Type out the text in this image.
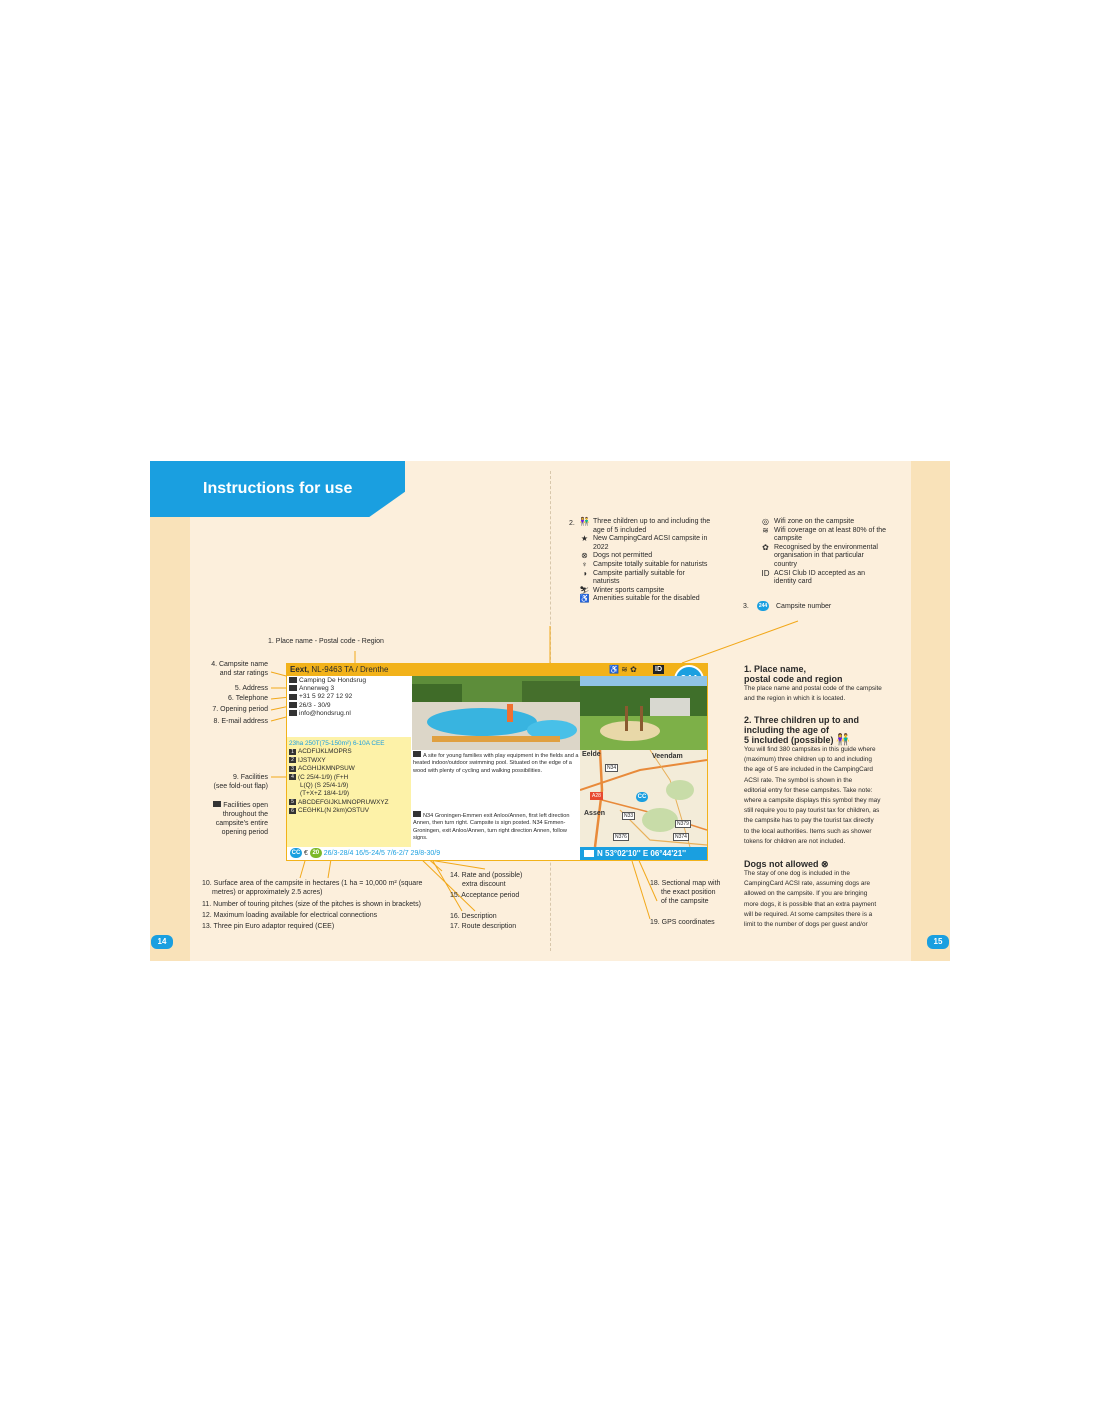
Instructions for use
14	15
2. 👫 Three children up to and including the
age of 5 included
★ New CampingCard ACSI campsite in
2022
⊗ Dogs not permitted
♆ Campsite totally suitable for naturists
◑ Campsite partially suitable for
naturists
⛷ Winter sports campsite
♿ Amenities suitable for the disabled
◎ Wifi zone on the campsite
≋ Wifi coverage on at least 80% of the
campsite
✿ Recognised by the environmental
organisation in that particular
country
ID ACSI Club ID accepted as an
identity card
3.	244 Campsite number
1. Place name - Postal code - Region
4. Campsite name
and star ratings
5. Address
6. Telephone
7. Opening period
8. E-mail address
9. Facilities
(see fold-out flap)
Facilities open
throughout the
campsite's entire
opening period
Eext, NL-9463 TA / Drenthe	♿ ≋ ✿	ID
Camping De Hondsrug
Annerweg 3
+31 5 92 27 12 92
26/3 - 30/9
info@hondsrug.nl
23ha 250T(75-150m²) 6-10A CEE
1 ACDFIJKLMOPRS
2 IJSTWXY
3 ACGHIJKMNPSUW
4 (C 25/4-1/9) (F+H
L(Q) (S 25/4-1/9)
(T+X+Z 18/4-1/9)
5 ABCDEFGIJKLMNOPRUWXYZ
6 CEGHKL(N 2km)OSTUV
A site for young families with play equipment in the fields and a heated indoor/outdoor swimming pool. Situated on the edge of a wood with plenty of cycling and walking possibilities.
N34 Groningen-Emmen exit Anloo/Annen, first left direction Annen, then turn right. Campsite is sign posted. N34 Emmen-Groningen, exit Anloo/Annen, turn right direction Annen, follow signs.
Eelde	Veendam
Assen
N34
A28
N33
N379
N376	N374
CC
CC € 20 26/3-28/4 16/5-24/5 7/6-2/7 29/8-30/9	N 53°02'10'' E 06°44'21''
10. Surface area of the campsite in hectares (1 ha = 10,000 m² (square
metres) or approximately 2.5 acres)
11. Number of touring pitches (size of the pitches is shown in brackets)
12. Maximum loading available for electrical connections
13. Three pin Euro adaptor required (CEE)
14. Rate and (possible)
extra discount
15. Acceptance period
16. Description
17. Route description
18. Sectional map with
the exact position
of the campsite
19. GPS coordinates
1. Place name,
postal code and region
The place name and postal code of the campsite
and the region in which it is located.
2. Three children up to and
including the age of
5 included (possible) 👫
You will find 380 campsites in this guide where
(maximum) three children up to and including
the age of 5 are included in the CampingCard
ACSI rate. The symbol is shown in the
editorial entry for these campsites. Take note:
where a campsite displays this symbol they may
still require you to pay tourist tax for children, as
the campsite has to pay the tourist tax directly
to the local authorities. Items such as shower
tokens for children are not included.

Dogs not allowed ⊗
The stay of one dog is included in the
CampingCard ACSI rate, assuming dogs are
allowed on the campsite. If you are bringing
more dogs, it is possible that an extra payment
will be required. At some campsites there is a
limit to the number of dogs per guest and/or
